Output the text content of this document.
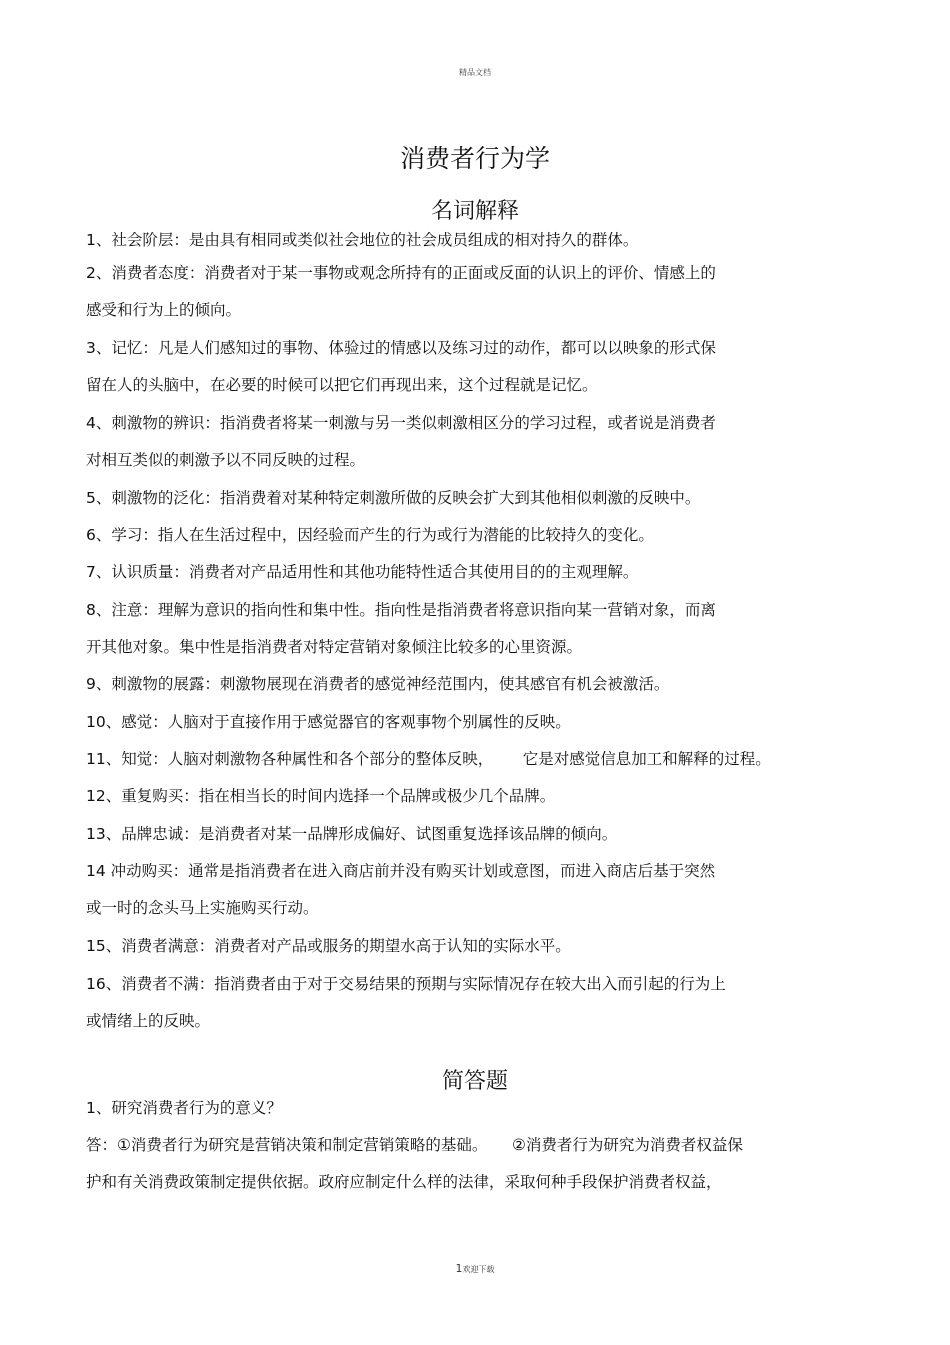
精品文档
消费者行为学
名词解释

1、社会阶层：是由具有相同或类似社会地位的社会成员组成的相对持久的群体。

2、消费者态度：消费者对于某一事物或观念所持有的正面或反面的认识上的评价、情感上的
感受和行为上的倾向。

3、记忆：凡是人们感知过的事物、体验过的情感以及练习过的动作，都可以以映象的形式保
留在人的头脑中，在必要的时候可以把它们再现出来，这个过程就是记忆。

4、刺激物的辨识：指消费者将某一刺激与另一类似刺激相区分的学习过程，或者说是消费者
对相互类似的刺激予以不同反映的过程。

5、刺激物的泛化：指消费着对某种特定刺激所做的反映会扩大到其他相似刺激的反映中。

6、学习：指人在生活过程中，因经验而产生的行为或行为潜能的比较持久的变化。

7、认识质量：消费者对产品适用性和其他功能特性适合其使用目的的主观理解。

8、注意：理解为意识的指向性和集中性。指向性是指消费者将意识指向某一营销对象，而离
开其他对象。集中性是指消费者对特定营销对象倾注比较多的心里资源。

9、刺激物的展露：刺激物展现在消费者的感觉神经范围内，使其感官有机会被激活。

10、感觉：人脑对于直接作用于感觉器官的客观事物个别属性的反映。

11、知觉：人脑对刺激物各种属性和各个部分的整体反映，      它是对感觉信息加工和解释的过程。

12、重复购买：指在相当长的时间内选择一个品牌或极少几个品牌。

13、品牌忠诚：是消费者对某一品牌形成偏好、试图重复选择该品牌的倾向。

14 冲动购买：通常是指消费者在进入商店前并没有购买计划或意图，而进入商店后基于突然
或一时的念头马上实施购买行动。

15、消费者满意：消费者对产品或服务的期望水高于认知的实际水平。

16、消费者不满：指消费者由于对于交易结果的预期与实际情况存在较大出入而引起的行为上
或情绪上的反映。

简答题

1、研究消费者行为的意义？

答：①消费者行为研究是营销决策和制定营销策略的基础。     ②消费者行为研究为消费者权益保
护和有关消费政策制定提供依据。政府应制定什么样的法律，采取何种手段保护消费者权益，

1欢迎下载
